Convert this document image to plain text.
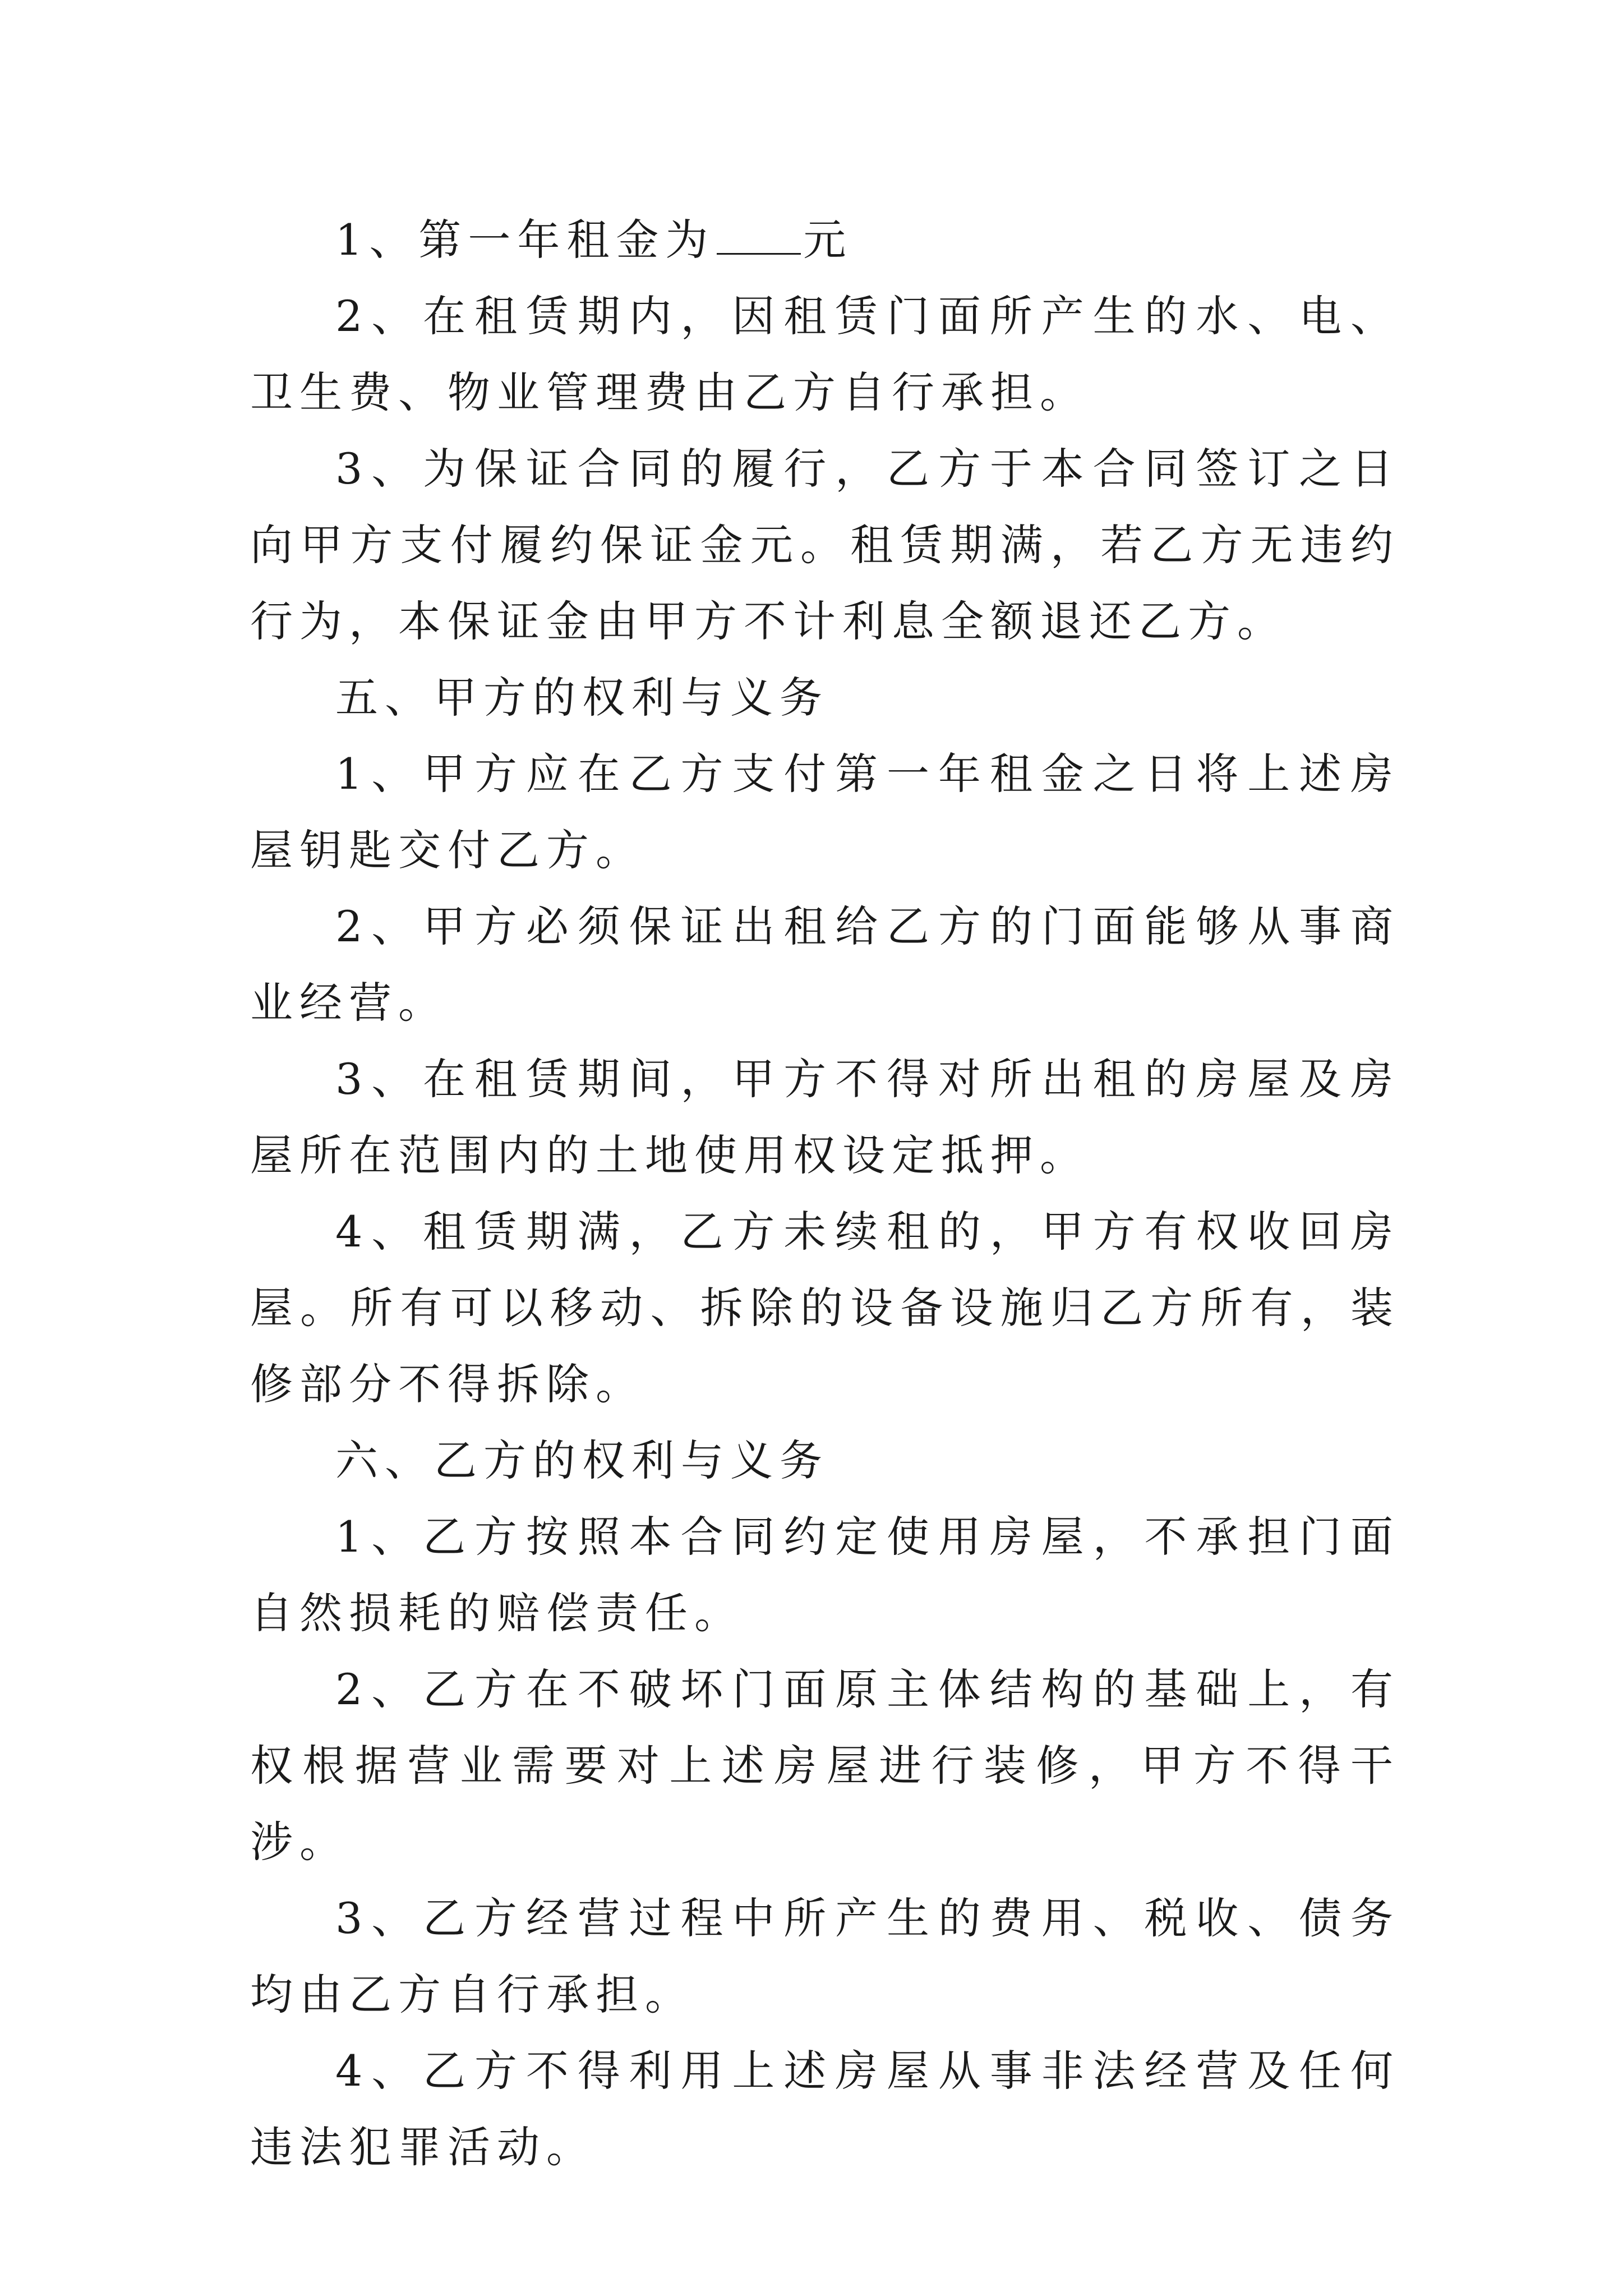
1、第一年租金为 元

2、在租赁期内，因租赁门面所产生的水、电、卫生费、物业管理费由乙方自行承担。

3、为保证合同的履行，乙方于本合同签订之日向甲方支付履约保证金元。租赁期满，若乙方无违约行为，本保证金由甲方不计利息全额退还乙方。

五、甲方的权利与义务

1、甲方应在乙方支付第一年租金之日将上述房屋钥匙交付乙方。

2、甲方必须保证出租给乙方的门面能够从事商业经营。

3、在租赁期间，甲方不得对所出租的房屋及房屋所在范围内的土地使用权设定抵押。

4、租赁期满，乙方未续租的，甲方有权收回房屋。所有可以移动、拆除的设备设施归乙方所有，装修部分不得拆除。

六、乙方的权利与义务

1、乙方按照本合同约定使用房屋，不承担门面自然损耗的赔偿责任。

2、乙方在不破坏门面原主体结构的基础上，有权根据营业需要对上述房屋进行装修，甲方不得干涉。

3、乙方经营过程中所产生的费用、税收、债务均由乙方自行承担。

4、乙方不得利用上述房屋从事非法经营及任何违法犯罪活动。
